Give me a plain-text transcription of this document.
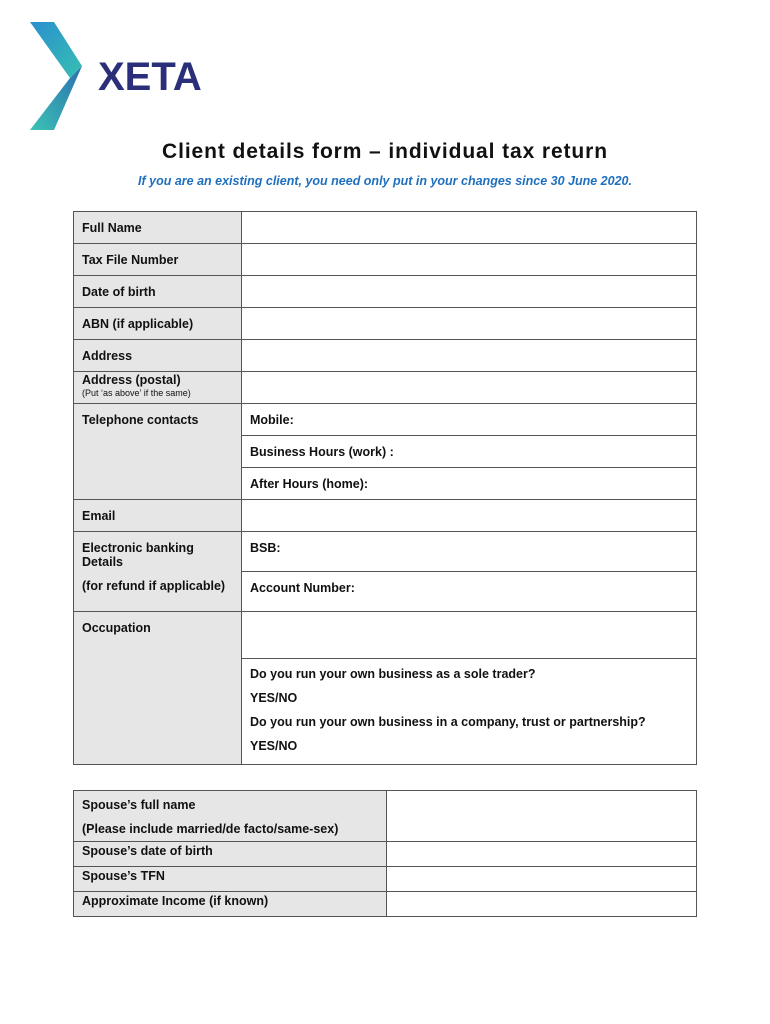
XETA
Client details form – individual tax return
If you are an existing client, you need only put in your changes since 30 June 2020.
Full Name	
Tax File Number	
Date of birth	
ABN (if applicable)	
Address	
Address (postal)
(Put ‘as above’ if the same)	

Telephone contacts	Mobile:
	Business Hours (work) :
	After Hours (home):
Email	
Electronic banking Details	BSB:
(for refund if applicable)	Account Number:
Occupation	

	Do you run your own business as a sole trader?
YES/NO
Do you run your own business in a company, trust or partnership?
YES/NO
Spouse’s full name
(Please include married/de facto/same-sex)	

Spouse’s date of birth	
Spouse’s TFN	
Approximate Income (if known)	
